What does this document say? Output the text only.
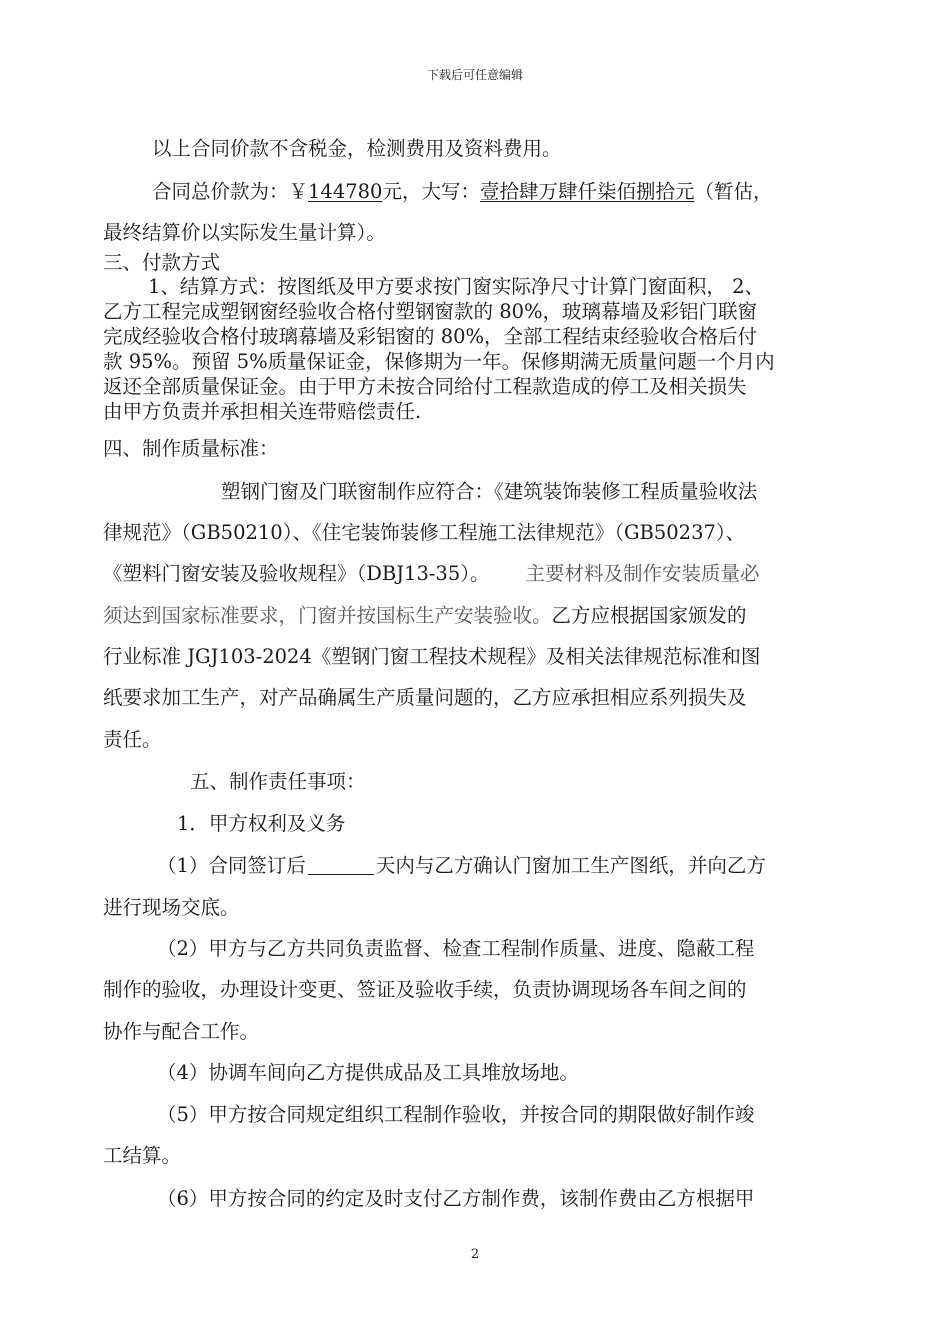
下载后可任意编辑
以上合同价款不含税金，检测费用及资料费用。
合同总价款为：￥144780元，大写：壹拾肆万肆仟柒佰捌拾元（暂估，
最终结算价以实际发生量计算）。
三、付款方式
1、结算方式：按图纸及甲方要求按门窗实际净尺寸计算门窗面积， 2、
乙方工程完成塑钢窗经验收合格付塑钢窗款的 80%，玻璃幕墙及彩铝门联窗
完成经验收合格付玻璃幕墙及彩铝窗的 80%，全部工程结束经验收合格后付
款 95%。预留 5%质量保证金，保修期为一年。保修期满无质量问题一个月内
返还全部质量保证金。由于甲方未按合同给付工程款造成的停工及相关损失
由甲方负责并承担相关连带赔偿责任.
四、制作质量标准：
塑钢门窗及门联窗制作应符合：《建筑装饰装修工程质量验收法
律规范》（GB50210）、《住宅装饰装修工程施工法律规范》（GB50237）、
《塑料门窗安装及验收规程》（DBJ13-35）。 主要材料及制作安装质量必
须达到国家标准要求，门窗并按国标生产安装验收。乙方应根据国家颁发的
行业标准 JGJ103-2024《塑钢门窗工程技术规程》及相关法律规范标准和图
纸要求加工生产，对产品确属生产质量问题的，乙方应承担相应系列损失及
责任。
五、制作责任事项：
1．甲方权利及义务
（1）合同签订后	天内与乙方确认门窗加工生产图纸，并向乙方
进行现场交底。
（2）甲方与乙方共同负责监督、检查工程制作质量、进度、隐蔽工程
制作的验收，办理设计变更、签证及验收手续，负责协调现场各车间之间的
协作与配合工作。
（4）协调车间向乙方提供成品及工具堆放场地。
（5）甲方按合同规定组织工程制作验收，并按合同的期限做好制作竣
工结算。
（6）甲方按合同的约定及时支付乙方制作费，该制作费由乙方根据甲
2
